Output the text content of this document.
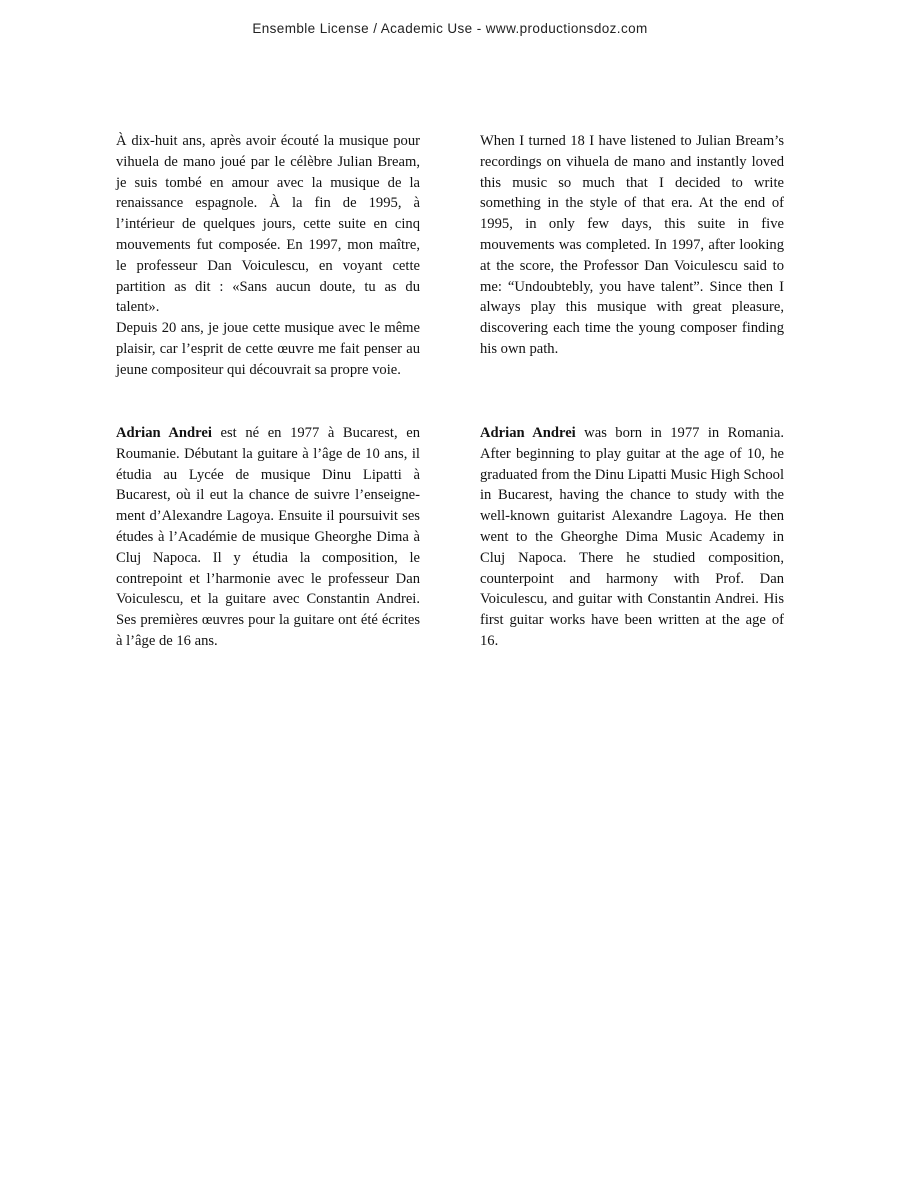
Ensemble License / Academic Use - www.productionsdoz.com

À dix-huit ans, après avoir écouté la musique pour vihuela de mano joué par le célèbre Julian Bream, je suis tombé en amour avec la musique de la renaissance espagnole. À la fin de 1995, à l’intérieur de quelques jours, cette suite en cinq mouvements fut composée. En 1997, mon maître, le professeur Dan Voiculescu, en voyant cette partition as dit : «Sans aucun doute, tu as du talent».

Depuis 20 ans, je joue cette musique avec le même plaisir, car l’esprit de cette œuvre me fait penser au jeune compositeur qui découvrait sa propre voie.

When I turned 18 I have listened to Julian Bream’s recordings on vihuela de mano and instantly loved this music so much that I decided to write something in the style of that era. At the end of 1995, in only few days, this suite in five mouvements was completed. In 1997, after looking at the score, the Professor Dan Voiculescu said to me: “Undoubtebly, you have talent”. Since then I always play this musique with great pleasure, discovering each time the young composer finding his own path.

Adrian Andrei est né en 1977 à Bucarest, en Roumanie. Débutant la guitare à l’âge de 10 ans, il étudia au Lycée de musique Dinu Lipatti à Bucarest, où il eut la chance de suivre l’enseignement d’Alexandre Lagoya. Ensuite il poursuivit ses études à l’Académie de musique Gheorghe Dima à Cluj Napoca. Il y étudia la composition, le contrepoint et l’harmonie avec le professeur Dan Voiculescu, et la guitare avec Constantin Andrei. Ses premières œuvres pour la guitare ont été écrites à l’âge de 16 ans.

Adrian Andrei was born in 1977 in Romania. After beginning to play guitar at the age of 10, he graduated from the Dinu Lipatti Music High School in Bucarest, having the chance to study with the well-known guitarist Alexandre Lagoya. He then went to the Gheorghe Dima Music Academy in Cluj Napoca. There he studied composition, counterpoint and harmony with Prof. Dan Voiculescu, and guitar with Constantin Andrei. His first guitar works have been written at the age of 16.
